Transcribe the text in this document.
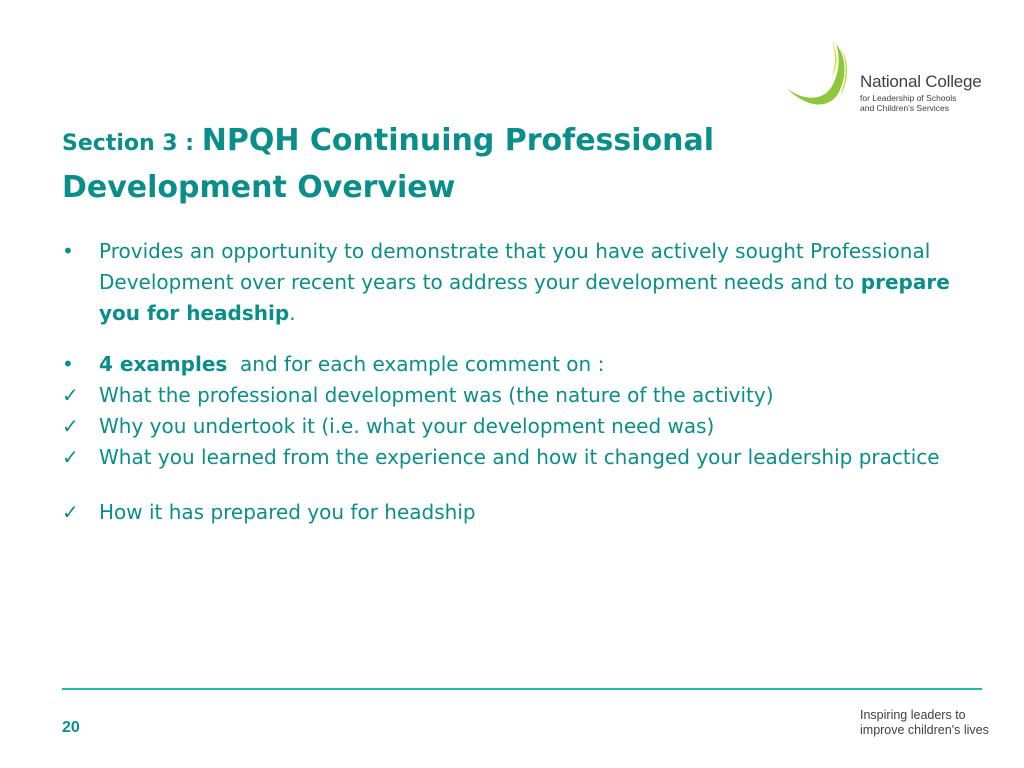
National College
for Leadership of Schools
and Children's Services
Section 3 : NPQH Continuing Professional Development Overview

•	Provides an opportunity to demonstrate that you have actively sought Professional Development over recent years to address your development needs and to prepare you for headship.

•	4 examples  and for each example comment on :

✓ What the professional development was (the nature of the activity)

✓ Why you undertook it (i.e. what your development need was)

✓ What you learned from the experience and how it changed your leadership practice

✓ How it has prepared you for headship

20
Inspiring leaders to
improve children's lives
